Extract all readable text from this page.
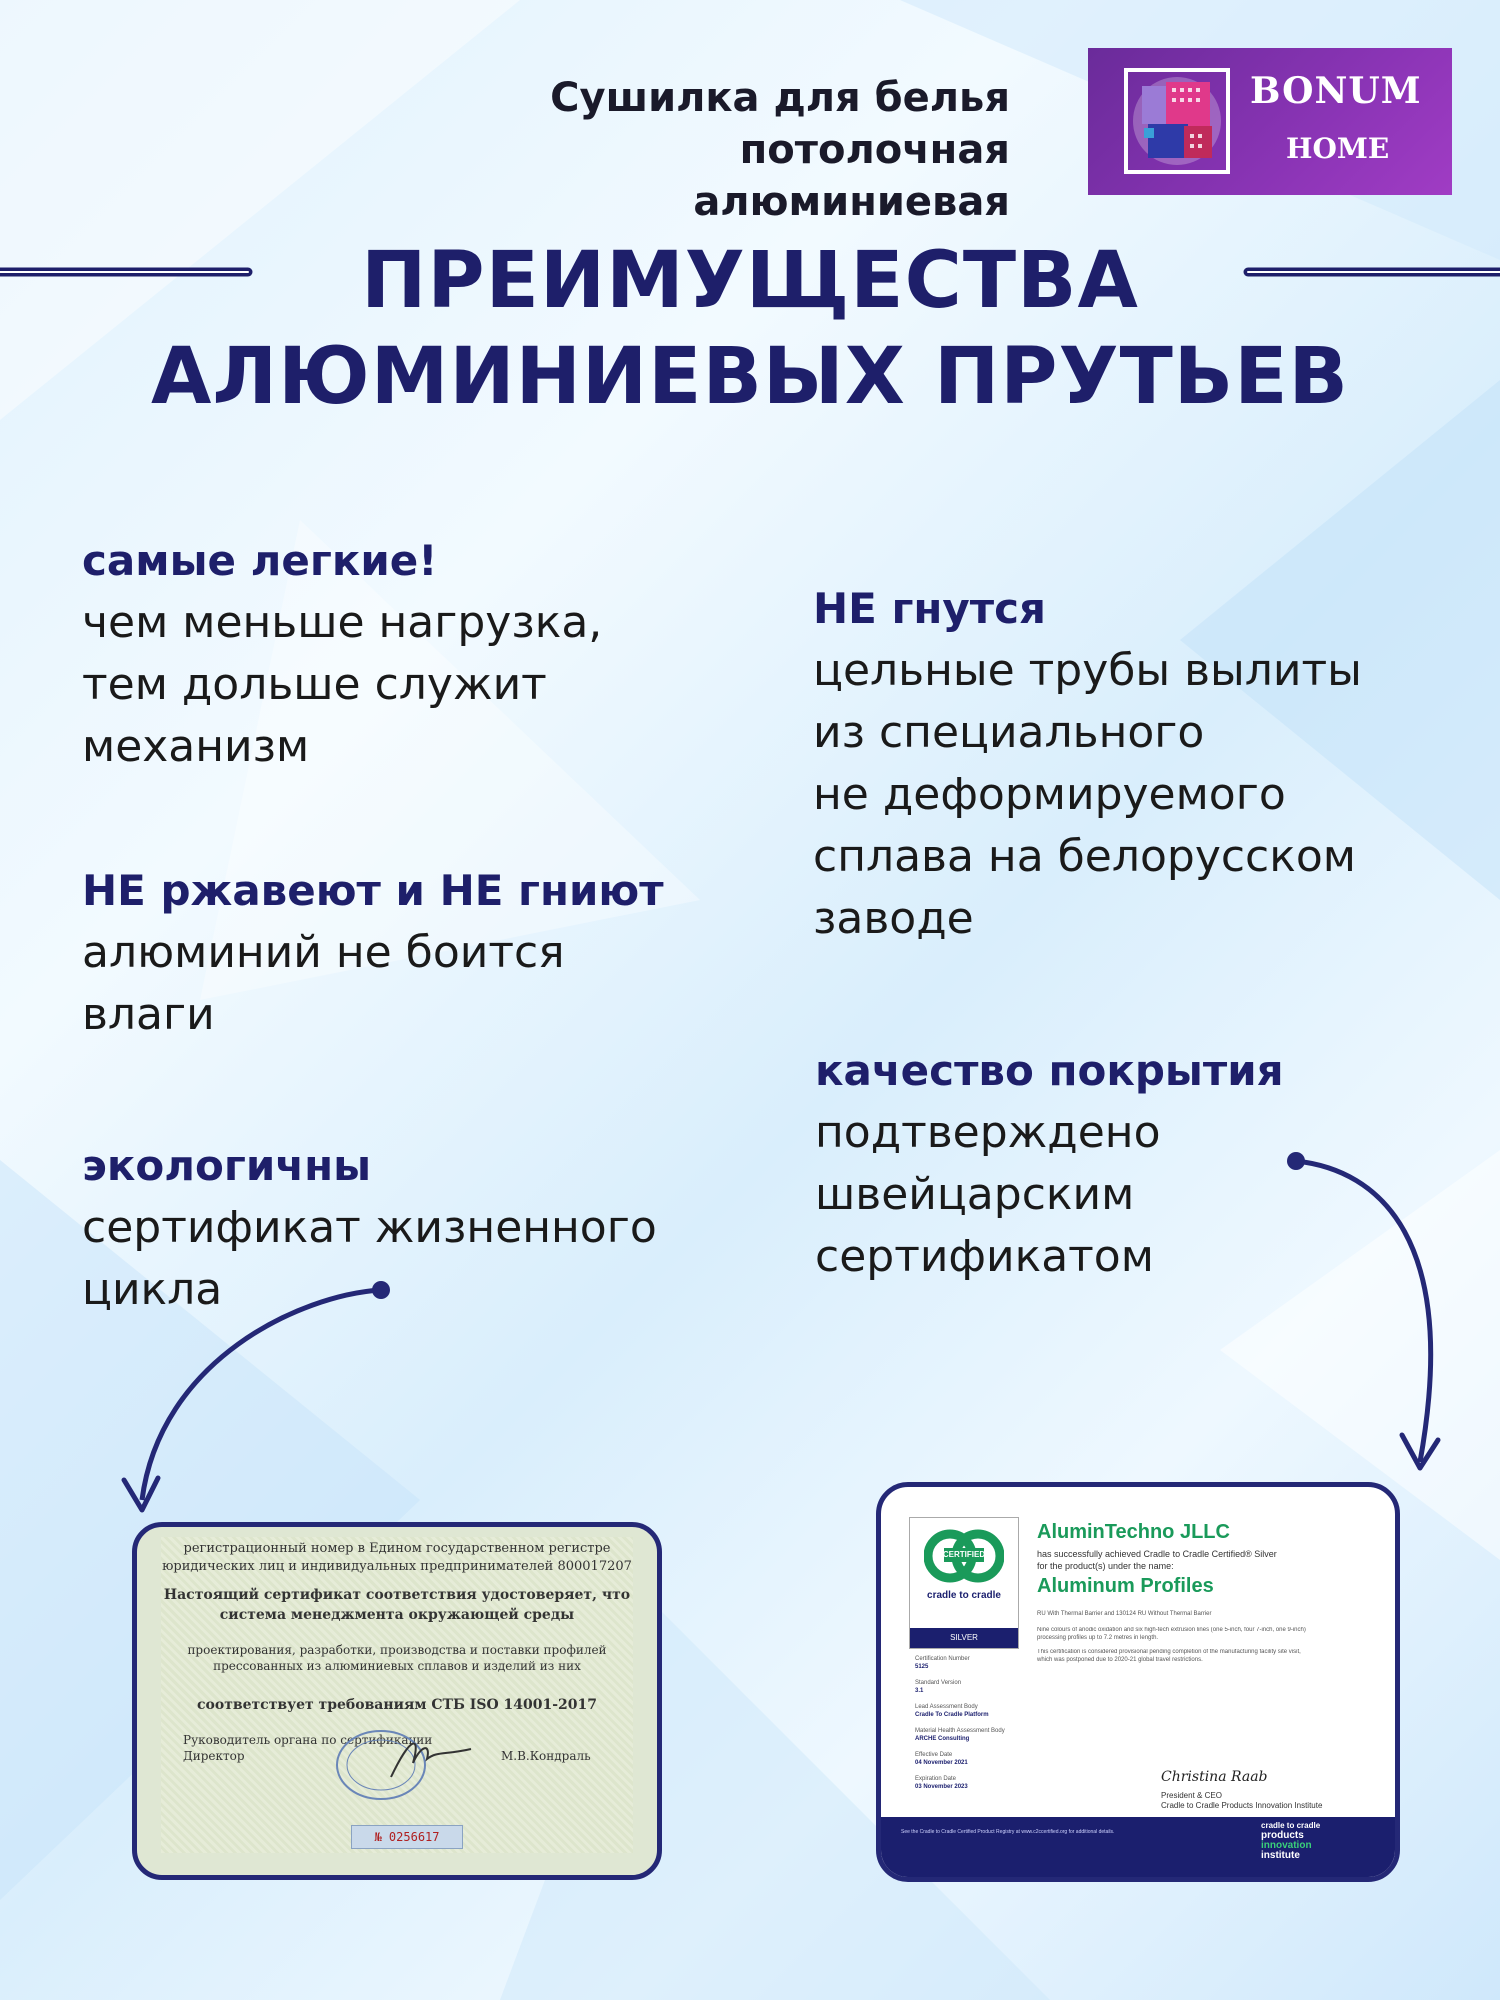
Сушилка для белья потолочная
алюминиевая
BONUM
HOME
ПРЕИМУЩЕСТВА
АЛЮМИНИЕВЫХ ПРУТЬЕВ
самые легкие!
чем меньше нагрузка,
тем дольше служит
механизм
НЕ ржавеют и НЕ гниют
алюминий не боится
влаги
экологичны
сертификат жизненного
цикла
НЕ гнутся
цельные трубы вылиты
из специального
не деформируемого
сплава на белорусском
заводе
качество покрытия
подтверждено
швейцарским
сертификатом
регистрационный номер в Едином государственном регистре
юридических лиц и индивидуальных предпринимателей 800017207
Настоящий сертификат соответствия удостоверяет, что
система менеджмента окружающей среды
проектирования, разработки, производства и поставки профилей
прессованных из алюминиевых сплавов и изделий из них
соответствует требованиям СТБ ISO 14001-2017
Руководитель органа по сертификации
Директор	М.В.Кондраль
№ 0256617
CERTIFIED
cradle to cradle
SILVER
AluminTechno JLLC
has successfully achieved Cradle to Cradle Certified® Silver
for the product(s) under the name:
Aluminum Profiles
RU With Thermal Barrier and 130124 RU Without Thermal Barrier
Nine colours of anodic oxidation and six high-tech extrusion lines (one 5-inch, four 7-inch, one 9-inch)
processing profiles up to 7.2 metres in length.
This certification is considered provisional pending completion of the manufacturing facility site visit,
which was postponed due to 2020-21 global travel restrictions.
Certification Number
5125
Standard Version
3.1
Lead Assessment Body
Cradle To Cradle Platform
Material Health Assessment Body
ARCHE Consulting
Effective Date
04 November 2021
Expiration Date
03 November 2023
Christina Raab
President & CEO
Cradle to Cradle Products Innovation Institute
See the Cradle to Cradle Certified Product Registry at www.c2ccertified.org for additional details.
cradle to cradle
products
innovation
institute
